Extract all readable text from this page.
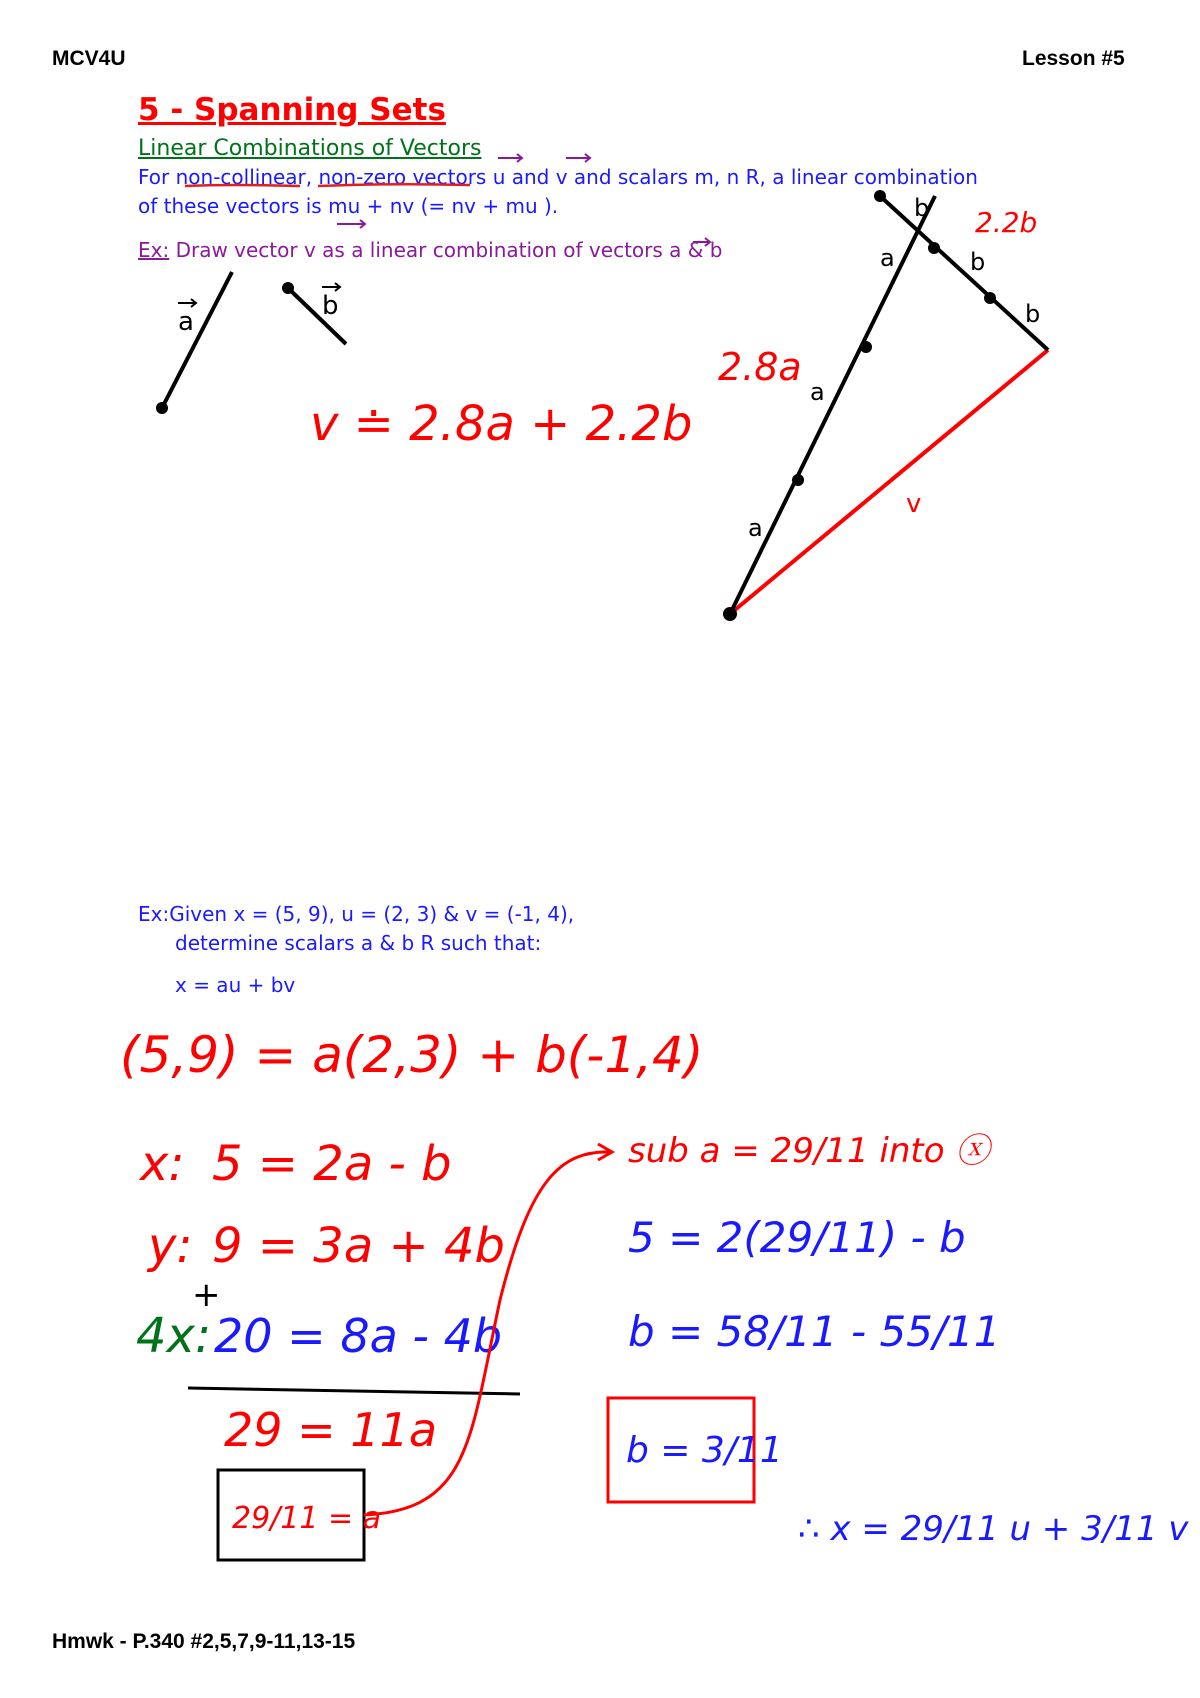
MCV4U	Lesson #5
5 - Spanning Sets
Linear Combinations of Vectors
For non-collinear, non-zero vectors u and v and scalars m, n R, a linear combination
of these vectors is mu + nv (= nv + mu ).
Ex: Draw vector v as a linear combination of vectors a & b
Ex:Given x = (5, 9), u = (2, 3) & v = (-1, 4),
determine scalars a & b R such that:
x = au + bv
Hmwk - P.340 #2,5,7,9-11,13-15
a
b
v ≐ 2.8a + 2.2b
v
a
a
a
b
b
b
2.8a
2.2b
(5,9) = a(2,3) + b(-1,4)
x: 5 = 2a - b
y: 9 = 3a + 4b
+
4x: 20 = 8a - 4b
29 = 11a
29/11 = a
sub a = 29/11 into ⓧ
5 = 2(29/11) - b
b = 58/11 - 55/11
b = 3/11
∴ x = 29/11 u + 3/11 v
